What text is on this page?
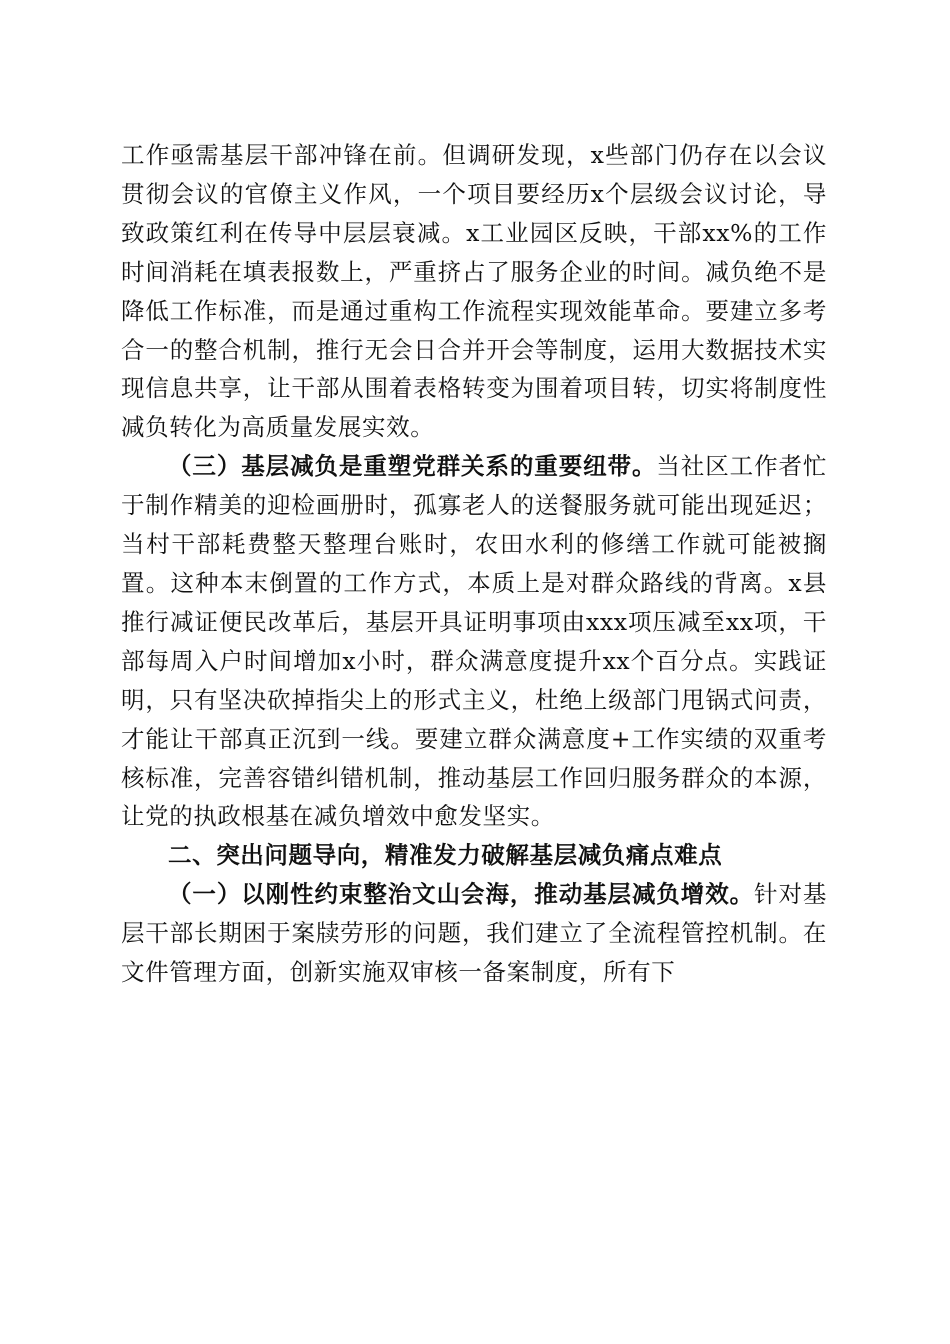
工作亟需基层干部冲锋在前。但调研发现，x些部门仍存在以会议贯彻会议的官僚主义作风，一个项目要经历x个层级会议讨论，导致政策红利在传导中层层衰减。x工业园区反映，干部xx%的工作时间消耗在填表报数上，严重挤占了服务企业的时间。减负绝不是降低工作标准，而是通过重构工作流程实现效能革命。要建立多考合一的整合机制，推行无会日合并开会等制度，运用大数据技术实现信息共享，让干部从围着表格转变为围着项目转，切实将制度性减负转化为高质量发展实效。

（三）基层减负是重塑党群关系的重要纽带。当社区工作者忙于制作精美的迎检画册时，孤寡老人的送餐服务就可能出现延迟；当村干部耗费整天整理台账时，农田水利的修缮工作就可能被搁置。这种本末倒置的工作方式，本质上是对群众路线的背离。x县推行减证便民改革后，基层开具证明事项由xxx项压减至xx项，干部每周入户时间增加x小时，群众满意度提升xx个百分点。实践证明，只有坚决砍掉指尖上的形式主义，杜绝上级部门甩锅式问责，才能让干部真正沉到一线。要建立群众满意度+工作实绩的双重考核标准，完善容错纠错机制，推动基层工作回归服务群众的本源，让党的执政根基在减负增效中愈发坚实。

二、突出问题导向，精准发力破解基层减负痛点难点

（一）以刚性约束整治文山会海，推动基层减负增效。针对基层干部长期困于案牍劳形的问题，我们建立了全流程管控机制。在文件管理方面，创新实施双审核一备案制度，所有下
